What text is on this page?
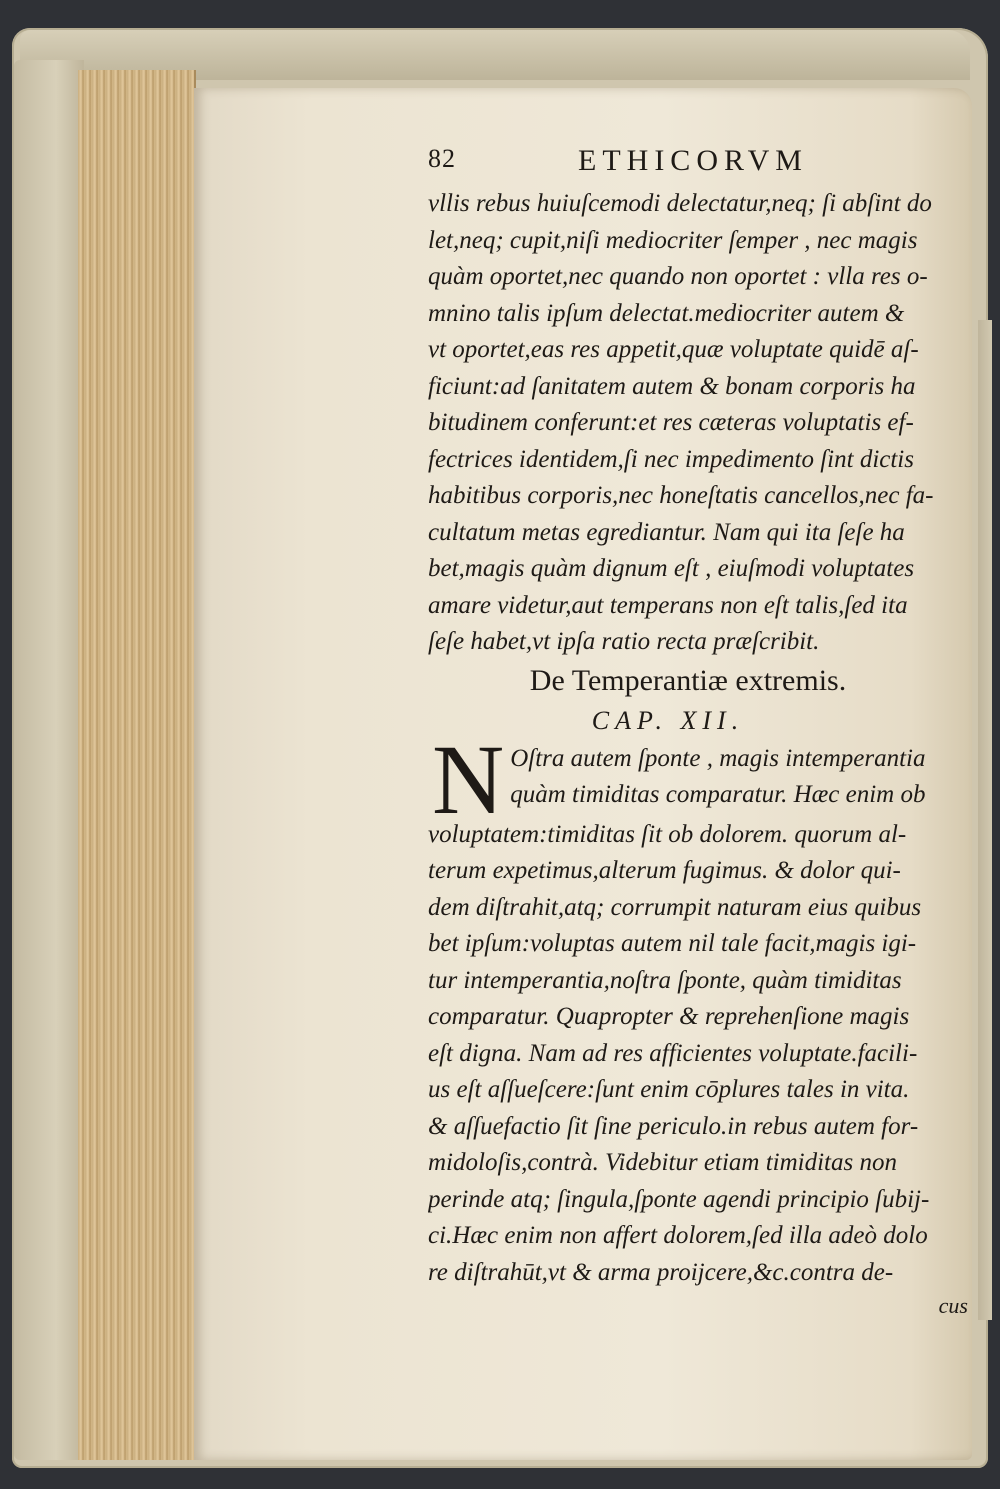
82	ETHICORVM
vllis rebus huiuſcemodi delectatur,neq; ſi abſint do
let,neq; cupit,niſi mediocriter ſemper , nec magis
quàm oportet,nec quando non oportet : vlla res o-
mnino talis ipſum delectat.mediocriter autem &
vt oportet,eas res appetit,quæ voluptate quidē aſ-
ficiunt:ad ſanitatem autem & bonam corporis ha
bitudinem conferunt:et res cæteras voluptatis ef-
fectrices identidem,ſi nec impedimento ſint dictis
habitibus corporis,nec honeſtatis cancellos,nec fa-
cultatum metas egrediantur. Nam qui ita ſeſe ha
bet,magis quàm dignum eſt , eiuſmodi voluptates
amare videtur,aut temperans non eſt talis,ſed ita
ſeſe habet,vt ipſa ratio recta præſcribit.
De Temperantiæ extremis.
CAP. XII.
N Oſtra autem ſponte , magis intemperantia
quàm timiditas comparatur. Hæc enim ob
voluptatem:timiditas ſit ob dolorem. quorum al-
terum expetimus,alterum fugimus. & dolor qui-
dem diſtrahit,atq; corrumpit naturam eius quibus
bet ipſum:voluptas autem nil tale facit,magis igi-
tur intemperantia,noſtra ſponte, quàm timiditas
comparatur. Quapropter & reprehenſione magis
eſt digna. Nam ad res afficientes voluptate.facili-
us eſt aſſueſcere:ſunt enim cōplures tales in vita.
& aſſuefactio ſit ſine periculo.in rebus autem for-
midoloſis,contrà. Videbitur etiam timiditas non
perinde atq; ſingula,ſponte agendi principio ſubij-
ci.Hæc enim non affert dolorem,ſed illa adeò dolo
re diſtrahūt,vt & arma proijcere,&c.contra de-
cus
